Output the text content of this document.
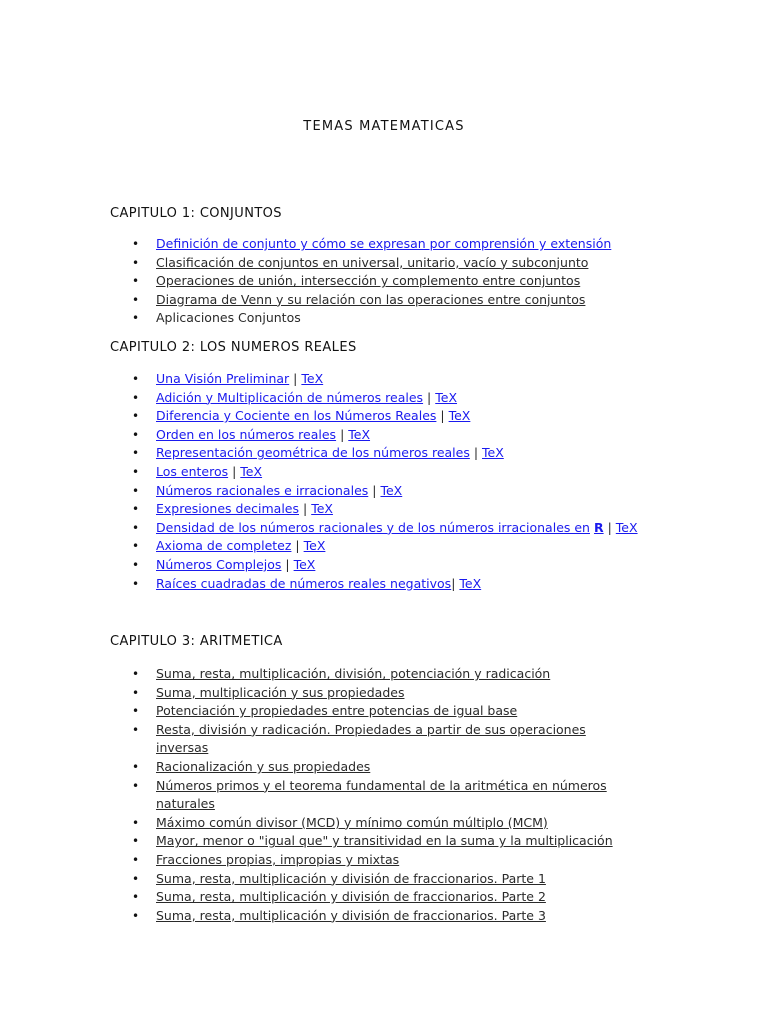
TEMAS MATEMATICAS
CAPITULO 1: CONJUNTOS
• Definición de conjunto y cómo se expresan por comprensión y extensión
• Clasificación de conjuntos en universal, unitario, vacío y subconjunto
• Operaciones de unión, intersección y complemento entre conjuntos
• Diagrama de Venn y su relación con las operaciones entre conjuntos
• Aplicaciones Conjuntos
CAPITULO 2: LOS NUMEROS REALES
• Una Visión Preliminar | TeX
• Adición y Multiplicación de números reales | TeX
• Diferencia y Cociente en los Números Reales | TeX
• Orden en los números reales | TeX
• Representación geométrica de los números reales | TeX
• Los enteros | TeX
• Números racionales e irracionales | TeX
• Expresiones decimales | TeX
• Densidad de los números racionales y de los números irracionales en R | TeX
• Axioma de completez | TeX
• Números Complejos | TeX
• Raíces cuadradas de números reales negativos| TeX
CAPITULO 3: ARITMETICA
• Suma, resta, multiplicación, división, potenciación y radicación
• Suma, multiplicación y sus propiedades
• Potenciación y propiedades entre potencias de igual base
• Resta, división y radicación. Propiedades a partir de sus operaciones inversas
• Racionalización y sus propiedades
• Números primos y el teorema fundamental de la aritmética en números naturales
• Máximo común divisor (MCD) y mínimo común múltiplo (MCM)
• Mayor, menor o "igual que" y transitividad en la suma y la multiplicación
• Fracciones propias, impropias y mixtas
• Suma, resta, multiplicación y división de fraccionarios. Parte 1
• Suma, resta, multiplicación y división de fraccionarios. Parte 2
• Suma, resta, multiplicación y división de fraccionarios. Parte 3
